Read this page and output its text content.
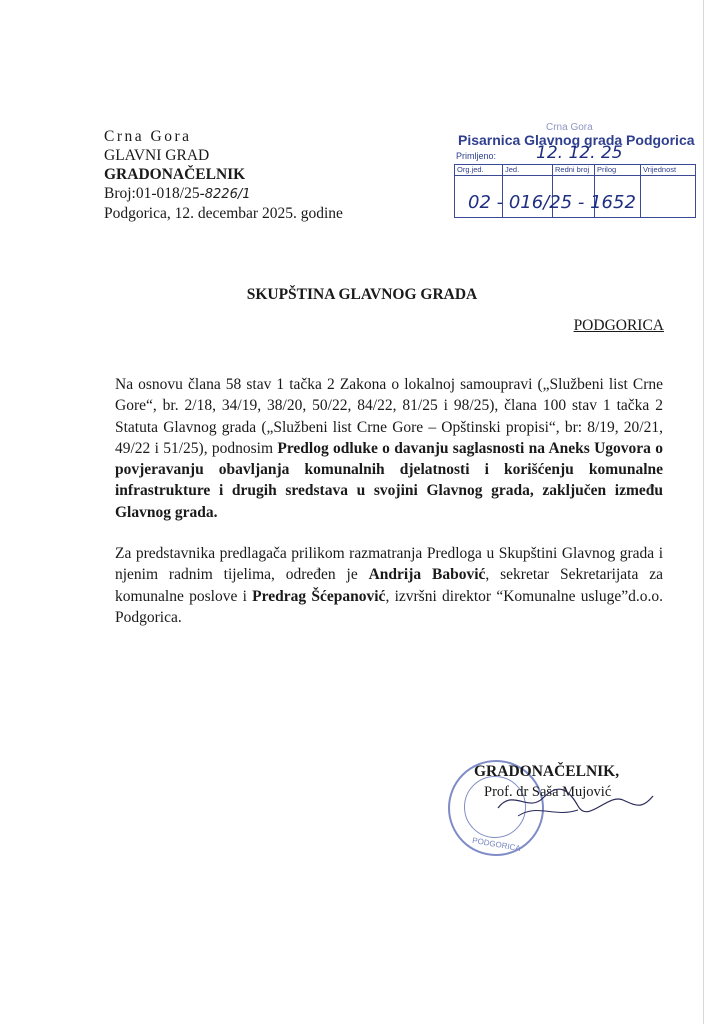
Crna Gora
GLAVNI GRAD
GRADONAČELNIK
Broj:01-018/25-8226/1
Podgorica, 12. decembar 2025. godine
Pisarnica Glavnog grada Podgorica
Crna Gora
Primljeno: 12. 12. 25
Org.jed.	Jed.	Redni broj	Prilog	Vrijednost
02 - 016/25 - 1652
SKUPŠTINA GLAVNOG GRADA
PODGORICA

Na osnovu člana 58 stav 1 tačka 2 Zakona o lokalnoj samoupravi („Službeni list Crne Gore“, br. 2/18, 34/19, 38/20, 50/22, 84/22, 81/25 i 98/25), člana 100 stav 1 tačka 2 Statuta Glavnog grada („Službeni list Crne Gore – Opštinski propisi“, br: 8/19, 20/21, 49/22 i 51/25), podnosim Predlog odluke o davanju saglasnosti na Aneks Ugovora o povjeravanju obavljanja komunalnih djelatnosti i korišćenju komunalne infrastrukture i drugih sredstava u svojini Glavnog grada, zaključen između Glavnog grada.

Za predstavnika predlagača prilikom razmatranja Predloga u Skupštini Glavnog grada i njenim radnim tijelima, određen je Andrija Babović, sekretar Sekretarijata za komunalne poslove i Predrag Šćepanović, izvršni direktor “Komunalne usluge”d.o.o. Podgorica.

PODGORICA
GRADONAČELNIK,
Prof. dr Saša Mujović
